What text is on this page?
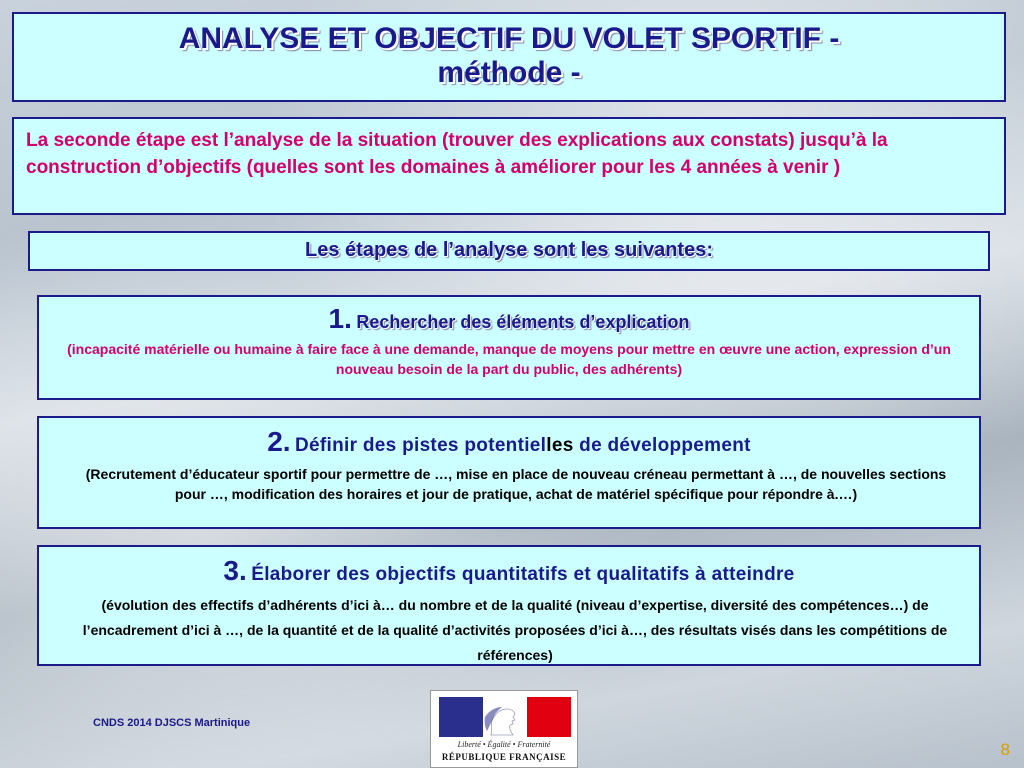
ANALYSE ET OBJECTIF DU VOLET SPORTIF -
méthode -
La seconde étape est l’analyse de la situation (trouver des explications aux constats) jusqu’à la construction d’objectifs (quelles sont les domaines à améliorer pour les 4 années à venir )
Les étapes de l’analyse sont les suivantes:
1. Rechercher des éléments d’explication
(incapacité matérielle ou humaine à faire face à une demande, manque de moyens pour mettre en œuvre une action, expression d’un nouveau besoin de la part du public, des adhérents)
2. Définir des pistes potentielles de développement
(Recrutement d’éducateur sportif pour permettre de …, mise en place de nouveau créneau permettant à …, de nouvelles sections pour …, modification des horaires et jour de pratique, achat de matériel spécifique pour répondre à.…)
3. Élaborer des objectifs quantitatifs et qualitatifs à atteindre
(évolution des effectifs d’adhérents d’ici à… du nombre et de la qualité (niveau d’expertise, diversité des compétences…) de l’encadrement d’ici à …, de la quantité et de la qualité d’activités proposées d’ici à…, des résultats visés dans les compétitions de références)
CNDS 2014 DJSCS Martinique
Liberté • Égalité • Fraternité
RÉPUBLIQUE FRANÇAISE	8
